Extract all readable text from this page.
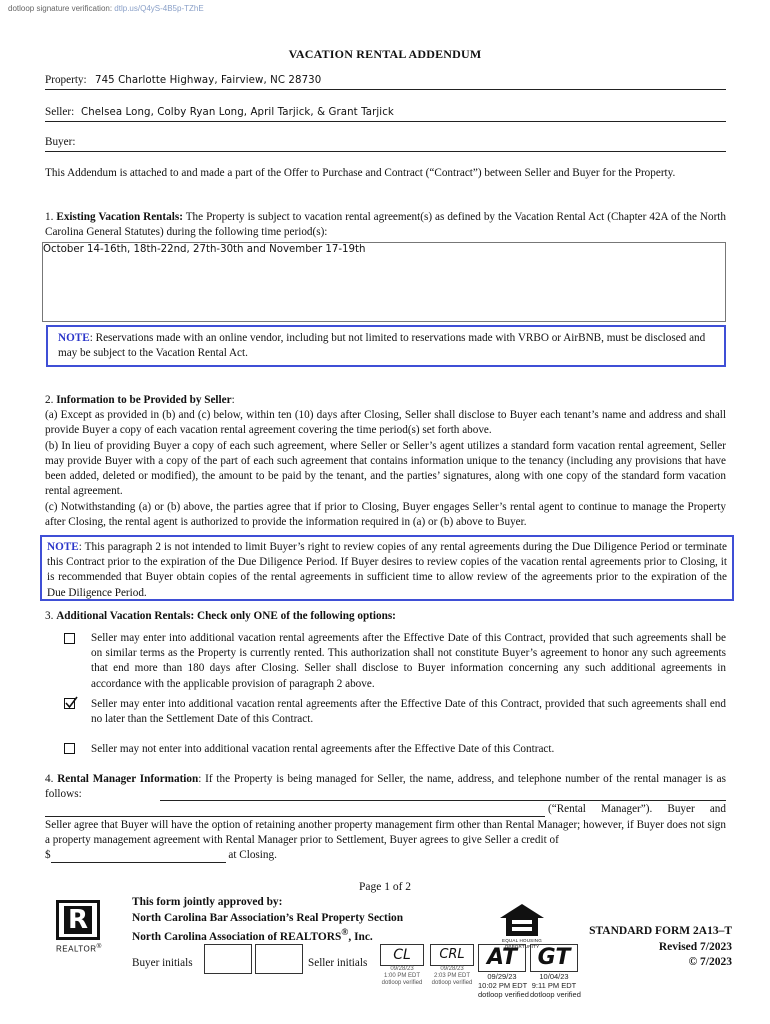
dotloop signature verification: dtlp.us/Q4yS-4B5p-TZhE
VACATION RENTAL ADDENDUM
Property: 745 Charlotte Highway, Fairview, NC 28730
Seller: Chelsea Long, Colby Ryan Long, April Tarjick, & Grant Tarjick
Buyer:
This Addendum is attached to and made a part of the Offer to Purchase and Contract (“Contract”) between Seller and Buyer for the Property.
1. Existing Vacation Rentals: The Property is subject to vacation rental agreement(s) as defined by the Vacation Rental Act (Chapter 42A of the North Carolina General Statutes) during the following time period(s):
October 14-16th, 18th-22nd, 27th-30th and November 17-19th
NOTE: Reservations made with an online vendor, including but not limited to reservations made with VRBO or AirBNB, must be disclosed and may be subject to the Vacation Rental Act.
2. Information to be Provided by Seller:
(a) Except as provided in (b) and (c) below, within ten (10) days after Closing, Seller shall disclose to Buyer each tenant’s name and address and shall provide Buyer a copy of each vacation rental agreement covering the time period(s) set forth above.
(b) In lieu of providing Buyer a copy of each such agreement, where Seller or Seller’s agent utilizes a standard form vacation rental agreement, Seller may provide Buyer with a copy of the part of each such agreement that contains information unique to the tenancy (including any provisions that have been added, deleted or modified), the amount to be paid by the tenant, and the parties’ signatures, along with one copy of the standard form vacation rental agreement.
(c) Notwithstanding (a) or (b) above, the parties agree that if prior to Closing, Buyer engages Seller’s rental agent to continue to manage the Property after Closing, the rental agent is authorized to provide the information required in (a) or (b) above to Buyer.
NOTE: This paragraph 2 is not intended to limit Buyer’s right to review copies of any rental agreements during the Due Diligence Period or terminate this Contract prior to the expiration of the Due Diligence Period. If Buyer desires to review copies of the vacation rental agreements prior to Closing, it is recommended that Buyer obtain copies of the rental agreements in sufficient time to allow review of the agreements prior to the expiration of the Due Diligence Period.
3. Additional Vacation Rentals: Check only ONE of the following options:
Seller may enter into additional vacation rental agreements after the Effective Date of this Contract, provided that such agreements shall be on similar terms as the Property is currently rented. This authorization shall not constitute Buyer’s agreement to honor any such agreements that end more than 180 days after Closing. Seller shall disclose to Buyer information concerning any such additional agreements in accordance with the applicable provision of paragraph 2 above.
Seller may enter into additional vacation rental agreements after the Effective Date of this Contract, provided that such agreements shall end no later than the Settlement Date of this Contract.
Seller may not enter into additional vacation rental agreements after the Effective Date of this Contract.
4. Rental Manager Information: If the Property is being managed for Seller, the name, address, and telephone number of the rental manager is as follows:
(“Rental Manager”). Buyer and
Seller agree that Buyer will have the option of retaining another property management firm other than Rental Manager; however, if Buyer does not sign a property management agreement with Rental Manager prior to Settlement, Buyer agrees to give Seller a credit of
$	at Closing.
Page 1 of 2
R
REALTOR®
This form jointly approved by:
North Carolina Bar Association’s Real Property Section
North Carolina Association of REALTORS®, Inc.	EQUAL HOUSING OPPORTUNITY
STANDARD FORM 2A13–T
Revised 7/2023
© 7/2023
Buyer initials	Seller initials	CL
09/28/23
1:00 PM EDT
dotloop verified
CRL
09/28/23
2:03 PM EDT
dotloop verified
AT
09/29/23
10:02 PM EDT
dotloop verified
GT
10/04/23
9:11 PM EDT
dotloop verified
